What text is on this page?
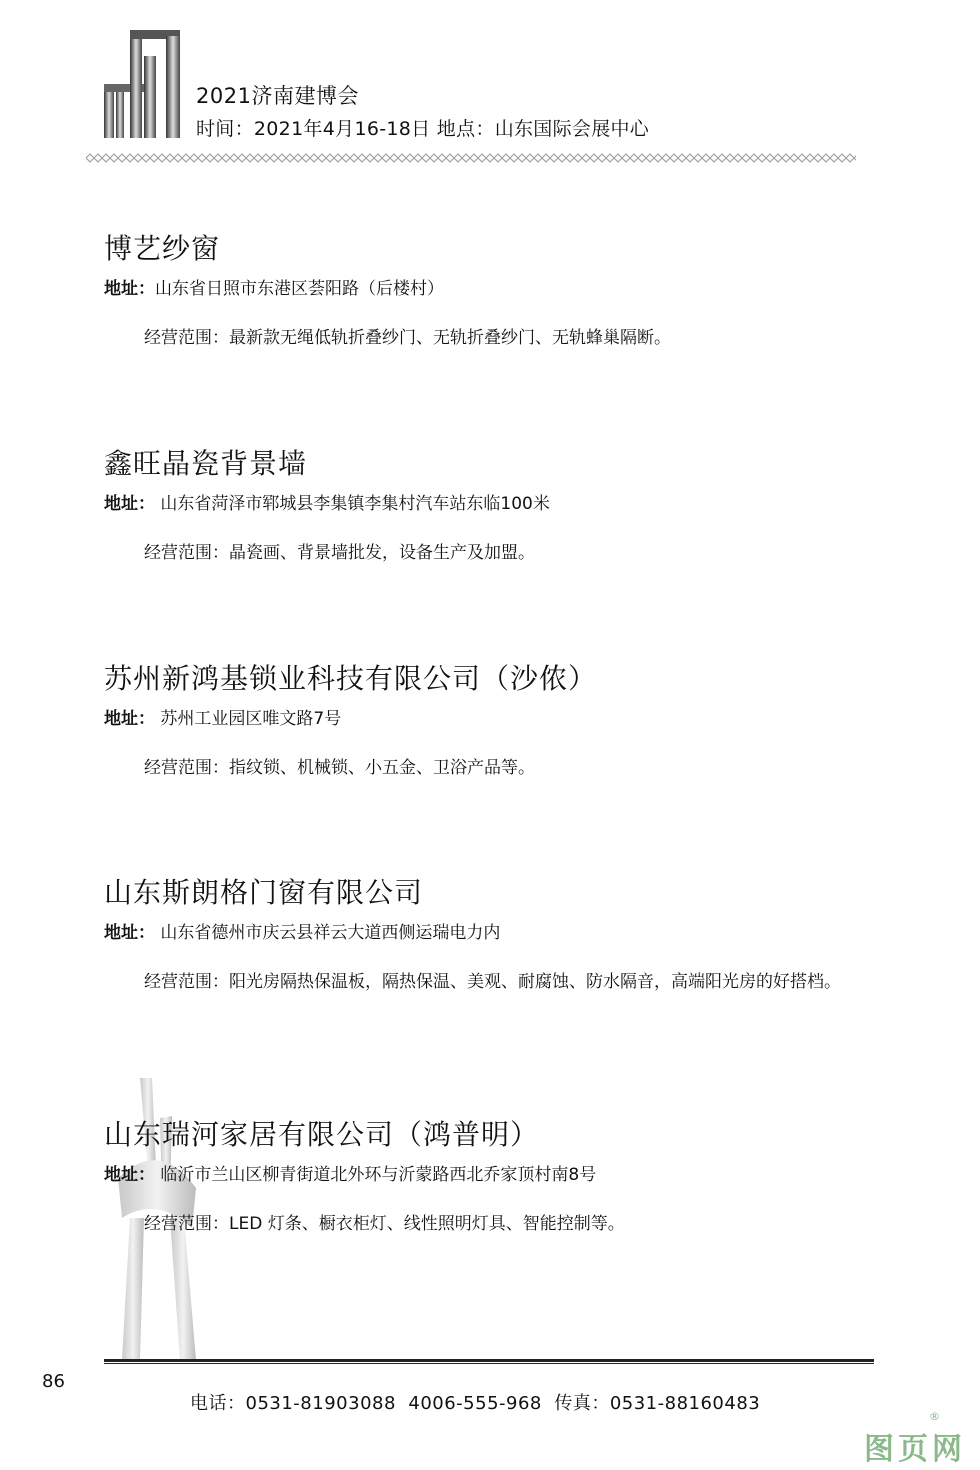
2021济南建博会
时间：2021年4月16-18日 地点：山东国际会展中心
博艺纱窗
地址：山东省日照市东港区荟阳路（后楼村）
经营范围：最新款无绳低轨折叠纱门、无轨折叠纱门、无轨蜂巢隔断。
鑫旺晶瓷背景墙
地址： 山东省菏泽市郓城县李集镇李集村汽车站东临100米
经营范围：晶瓷画、背景墙批发，设备生产及加盟。
苏州新鸿基锁业科技有限公司（沙侬）
地址： 苏州工业园区唯文路7号
经营范围：指纹锁、机械锁、小五金、卫浴产品等。
山东斯朗格门窗有限公司
地址： 山东省德州市庆云县祥云大道西侧运瑞电力内
经营范围：阳光房隔热保温板，隔热保温、美观、耐腐蚀、防水隔音，高端阳光房的好搭档。
山东瑞河家居有限公司（鸿普明）
地址： 临沂市兰山区柳青街道北外环与沂蒙路西北乔家顶村南8号
经营范围：LED 灯条、橱衣柜灯、线性照明灯具、智能控制等。
86
电话：0531-81903088  4006-555-968  传真：0531-88160483
®
图页网
